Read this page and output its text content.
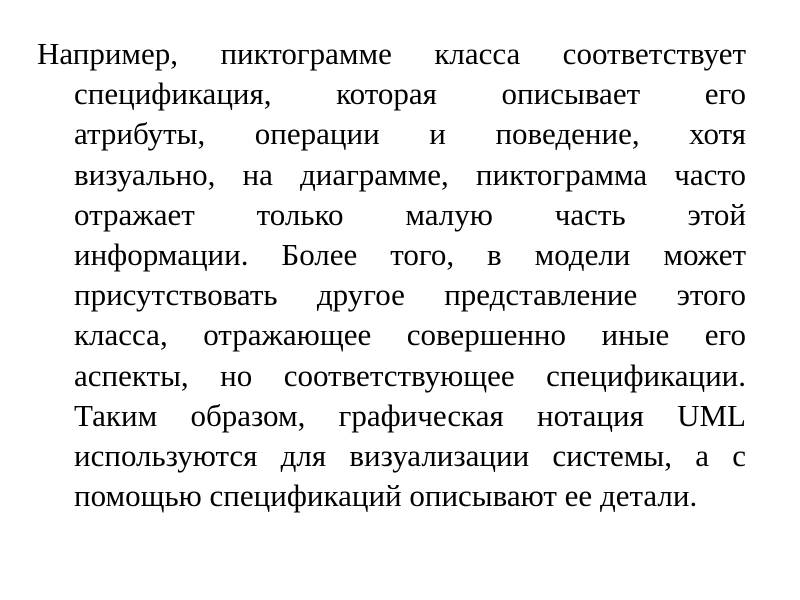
Например, пиктограмме класса соответствует
спецификация, которая описывает его
атрибуты, операции и поведение, хотя
визуально, на диаграмме, пиктограмма часто
отражает только малую часть этой
информации. Более того, в модели может
присутствовать другое представление этого
класса, отражающее совершенно иные его
аспекты, но соответствующее спецификации.
Таким образом, графическая нотация UML
используются для визуализации системы, а с
помощью спецификаций описывают ее детали.
